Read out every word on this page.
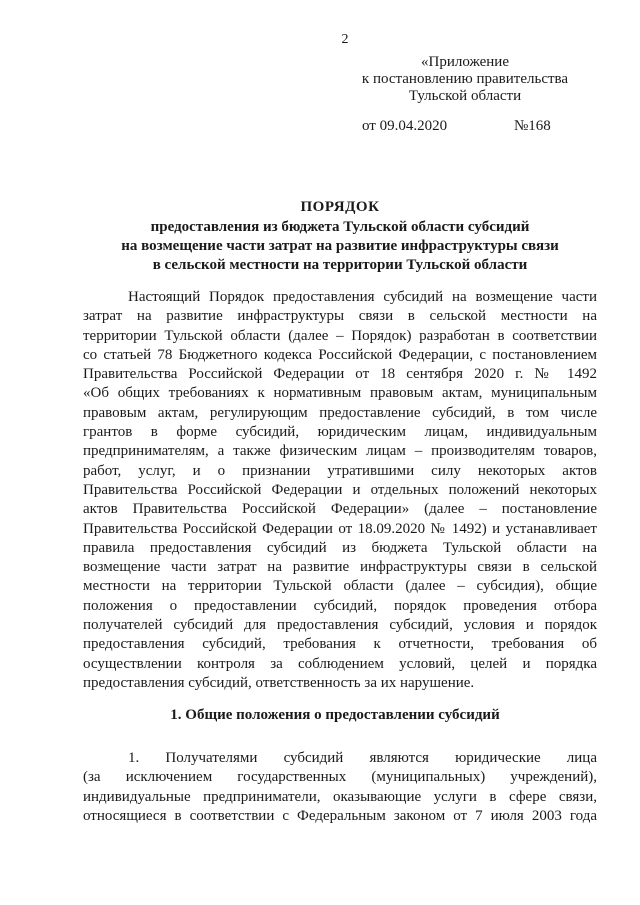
2
«Приложение
к постановлению правительства
Тульской области
от 09.04.2020	№168
ПОРЯДОК
предоставления из бюджета Тульской области субсидий
на возмещение части затрат на развитие инфраструктуры связи
в сельской местности на территории Тульской области
Настоящий Порядок предоставления субсидий на возмещение части
затрат на развитие инфраструктуры связи в сельской местности на
территории Тульской области (далее – Порядок) разработан в соответствии
со статьей 78 Бюджетного кодекса Российской Федерации, с постановлением
Правительства Российской Федерации от 18 сентября 2020 г. № 1492
«Об общих требованиях к нормативным правовым актам, муниципальным
правовым актам, регулирующим предоставление субсидий, в том числе
грантов в форме субсидий, юридическим лицам, индивидуальным
предпринимателям, а также физическим лицам – производителям товаров,
работ, услуг, и о признании утратившими силу некоторых актов
Правительства Российской Федерации и отдельных положений некоторых
актов Правительства Российской Федерации» (далее – постановление
Правительства Российской Федерации от 18.09.2020 № 1492) и устанавливает
правила предоставления субсидий из бюджета Тульской области на
возмещение части затрат на развитие инфраструктуры связи в сельской
местности на территории Тульской области (далее – субсидия), общие
положения о предоставлении субсидий, порядок проведения отбора
получателей субсидий для предоставления субсидий, условия и порядок
предоставления субсидий, требования к отчетности, требования об
осуществлении контроля за соблюдением условий, целей и порядка
предоставления субсидий, ответственность за их нарушение.
1. Общие положения о предоставлении субсидий
1. Получателями субсидий являются юридические лица
(за исключением государственных (муниципальных) учреждений),
индивидуальные предприниматели, оказывающие услуги в сфере связи,
относящиеся в соответствии с Федеральным законом от 7 июля 2003 года
